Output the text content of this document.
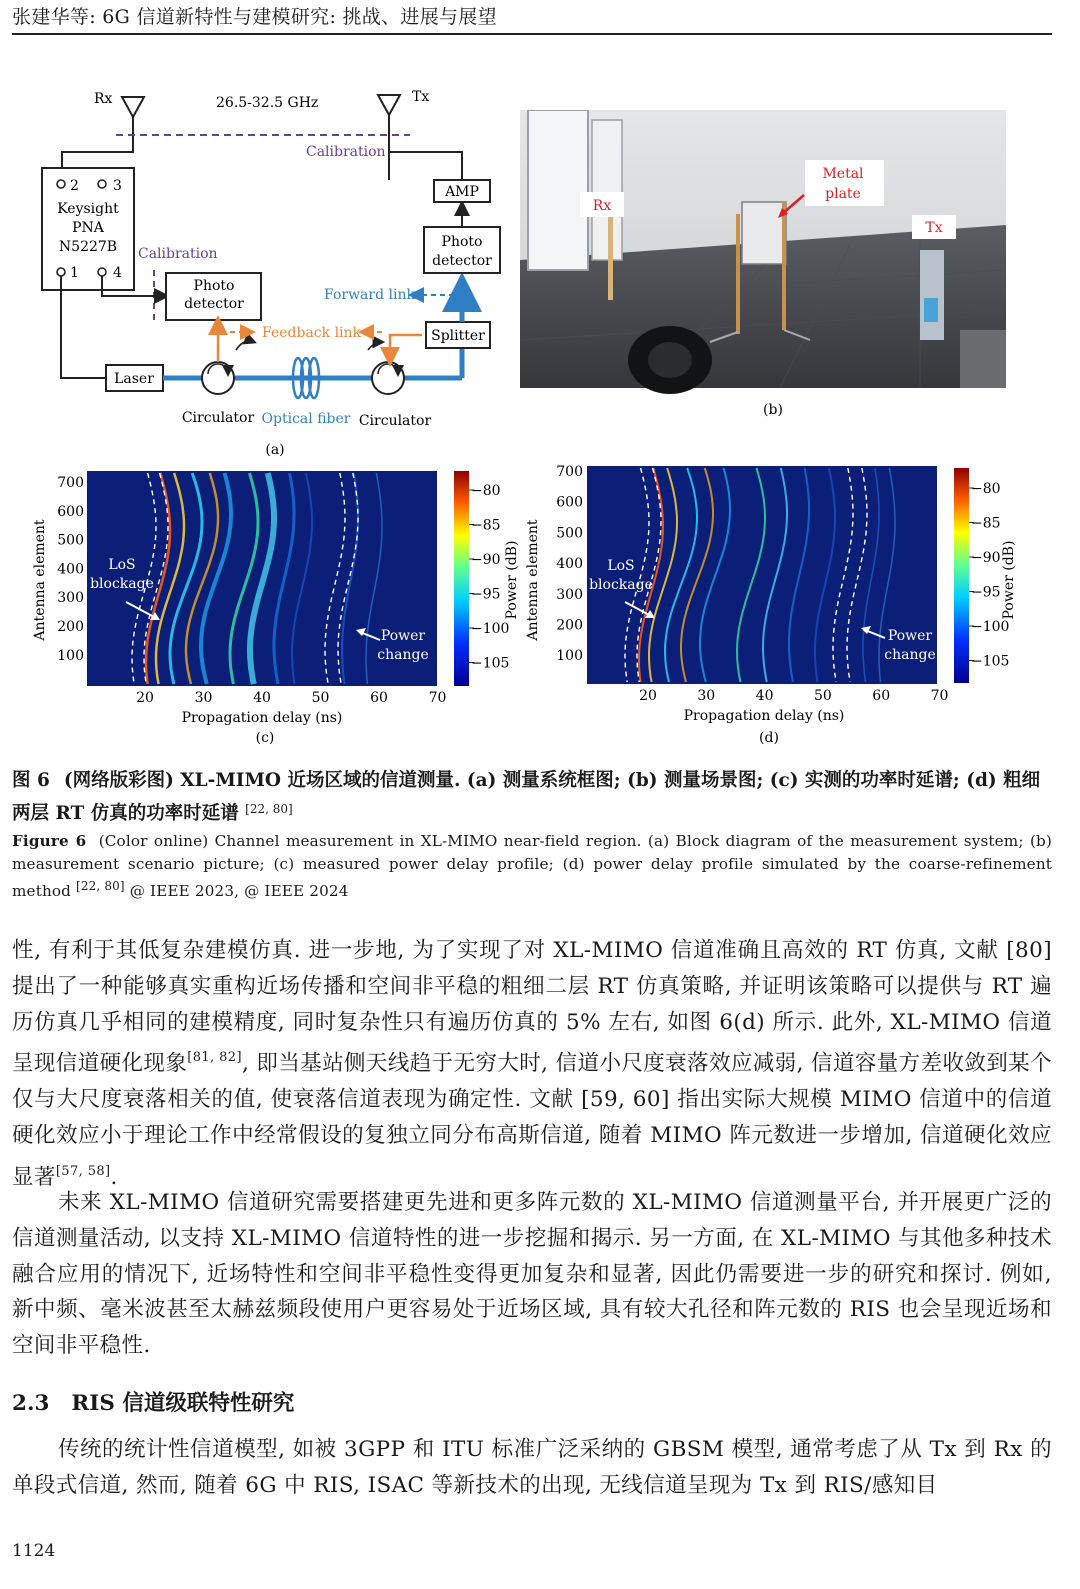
张建华等: 6G 信道新特性与建模研究: 挑战、进展与展望
Rx	26.5-32.5 GHz	Tx
Calibration
2 3
Keysight
PNA
N5227B
1 4
Calibration
Photo
detector
Laser
Feedback link	Splitter
Forward link
Photo
detector
AMP
Circulator Optical fiber Circulator
(a)
Rx
Metal
plate
Tx
(b)
700
600
500
400
300
200
100
20	30	40	50	60	70
−80
−85
−90
−95
−100
−105
Antenna element
Propagation delay (ns)
Power (dB)
LoS
blockage
Power
change
(c)
700
600
500
400
300
200
100
20	30	40	50	60	70
−80
−85
−90
−95
−100
−105
Antenna element
Propagation delay (ns)
Power (dB)
LoS
blockage
Power
change
(d)
图 6 (网络版彩图) XL-MIMO 近场区域的信道测量. (a) 测量系统框图; (b) 测量场景图; (c) 实测的功率时延谱; (d) 粗细两层 RT 仿真的功率时延谱 [22, 80]
Figure 6 (Color online) Channel measurement in XL-MIMO near-field region. (a) Block diagram of the measurement system; (b) measurement scenario picture; (c) measured power delay profile; (d) power delay profile simulated by the coarse-refinement method [22, 80] @ IEEE 2023, @ IEEE 2024
性, 有利于其低复杂建模仿真. 进一步地, 为了实现了对 XL-MIMO 信道准确且高效的 RT 仿真, 文献 [80] 提出了一种能够真实重构近场传播和空间非平稳的粗细二层 RT 仿真策略, 并证明该策略可以提供与 RT 遍历仿真几乎相同的建模精度, 同时复杂性只有遍历仿真的 5% 左右, 如图 6(d) 所示. 此外, XL-MIMO 信道呈现信道硬化现象[81, 82], 即当基站侧天线趋于无穷大时, 信道小尺度衰落效应减弱, 信道容量方差收敛到某个仅与大尺度衰落相关的值, 使衰落信道表现为确定性. 文献 [59, 60] 指出实际大规模 MIMO 信道中的信道硬化效应小于理论工作中经常假设的复独立同分布高斯信道, 随着 MIMO 阵元数进一步增加, 信道硬化效应显著[57, 58].
未来 XL-MIMO 信道研究需要搭建更先进和更多阵元数的 XL-MIMO 信道测量平台, 并开展更广泛的信道测量活动, 以支持 XL-MIMO 信道特性的进一步挖掘和揭示. 另一方面, 在 XL-MIMO 与其他多种技术融合应用的情况下, 近场特性和空间非平稳性变得更加复杂和显著, 因此仍需要进一步的研究和探讨. 例如, 新中频、毫米波甚至太赫兹频段使用户更容易处于近场区域, 具有较大孔径和阵元数的 RIS 也会呈现近场和空间非平稳性.
2.3 RIS 信道级联特性研究
传统的统计性信道模型, 如被 3GPP 和 ITU 标准广泛采纳的 GBSM 模型, 通常考虑了从 Tx 到 Rx 的单段式信道, 然而, 随着 6G 中 RIS, ISAC 等新技术的出现, 无线信道呈现为 Tx 到 RIS/感知目
1124
